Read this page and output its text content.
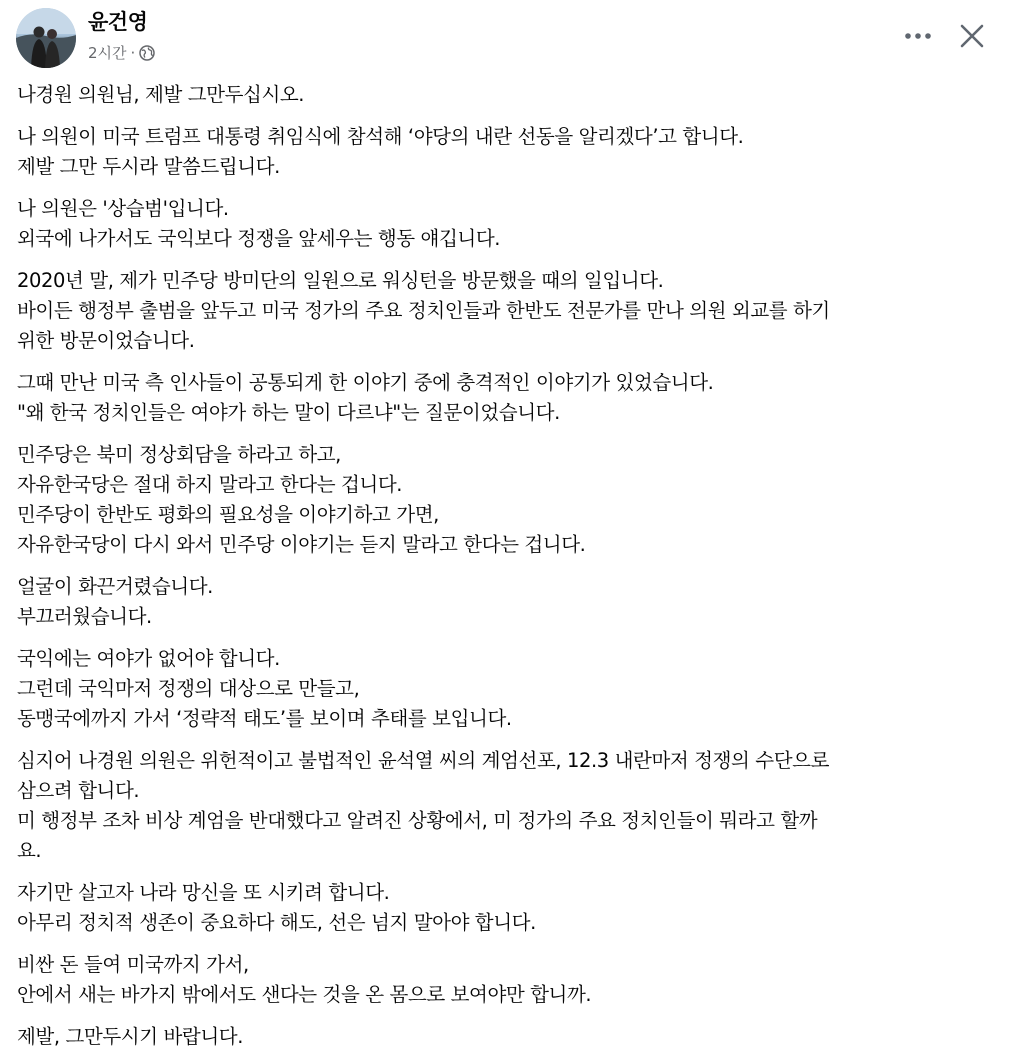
윤건영
2시간 ·
나경원 의원님, 제발 그만두십시오.
나 의원이 미국 트럼프 대통령 취임식에 참석해 ‘야당의 내란 선동을 알리겠다’고 합니다.
제발 그만 두시라 말씀드립니다.
나 의원은 '상습범'입니다.
외국에 나가서도 국익보다 정쟁을 앞세우는 행동 얘깁니다.
2020년 말, 제가 민주당 방미단의 일원으로 워싱턴을 방문했을 때의 일입니다.
바이든 행정부 출범을 앞두고 미국 정가의 주요 정치인들과 한반도 전문가를 만나 의원 외교를 하기
위한 방문이었습니다.
그때 만난 미국 측 인사들이 공통되게 한 이야기 중에 충격적인 이야기가 있었습니다.
"왜 한국 정치인들은 여야가 하는 말이 다르냐"는 질문이었습니다.
민주당은 북미 정상회담을 하라고 하고,
자유한국당은 절대 하지 말라고 한다는 겁니다.
민주당이 한반도 평화의 필요성을 이야기하고 가면,
자유한국당이 다시 와서 민주당 이야기는 듣지 말라고 한다는 겁니다.
얼굴이 화끈거렸습니다.
부끄러웠습니다.
국익에는 여야가 없어야 합니다.
그런데 국익마저 정쟁의 대상으로 만들고,
동맹국에까지 가서 ‘정략적 태도’를 보이며 추태를 보입니다.
심지어 나경원 의원은 위헌적이고 불법적인 윤석열 씨의 계엄선포, 12.3 내란마저 정쟁의 수단으로
삼으려 합니다.
미 행정부 조차 비상 계엄을 반대했다고 알려진 상황에서, 미 정가의 주요 정치인들이 뭐라고 할까
요.
자기만 살고자 나라 망신을 또 시키려 합니다.
아무리 정치적 생존이 중요하다 해도, 선은 넘지 말아야 합니다.
비싼 돈 들여 미국까지 가서,
안에서 새는 바가지 밖에서도 샌다는 것을 온 몸으로 보여야만 합니까.
제발, 그만두시기 바랍니다.
